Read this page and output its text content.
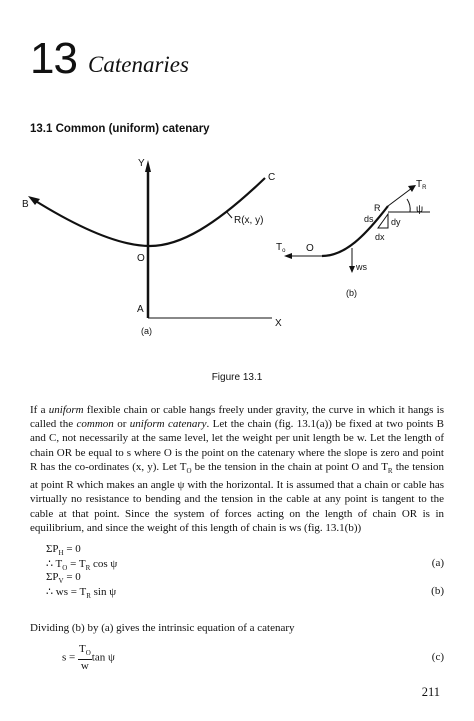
13 Catenaries
13.1 Common (uniform) catenary
Y
X
B
C
O
A
R(x, y)
(a)
$T_o$ O
$T_R$
R
ds dy
dx
ψ
ws
(b)
Figure 13.1
If a uniform flexible chain or cable hangs freely under gravity, the curve in which it hangs is called the common or uniform catenary. Let the chain (fig. 13.1(a)) be fixed at two points B and C, not necessarily at the same level, let the weight per unit length be w. Let the length of chain OR be equal to s where O is the point on the catenary where the slope is zero and point R has the co-ordinates (x, y). Let $T_O$ be the tension in the chain at point O and $T_R$ the tension at point R which makes an angle ψ with the horizontal. It is assumed that a chain or cable has virtually no resistance to bending and the tension in the cable at any point is tangent to the cable at that point. Since the system of forces acting on the length of chain OR is in equilibrium, and since the weight of this length of chain is ws (fig. 13.1(b))
$\Sigma P_H = 0$
∴ $T_O = T_R$ cos ψ	(a)
$\Sigma P_V = 0$
∴ ws = $T_R$ sin ψ	(b)
Dividing (b) by (a) gives the intrinsic equation of a catenary
$s = \frac{T_O}{w}$ tan ψ	(c)
211
